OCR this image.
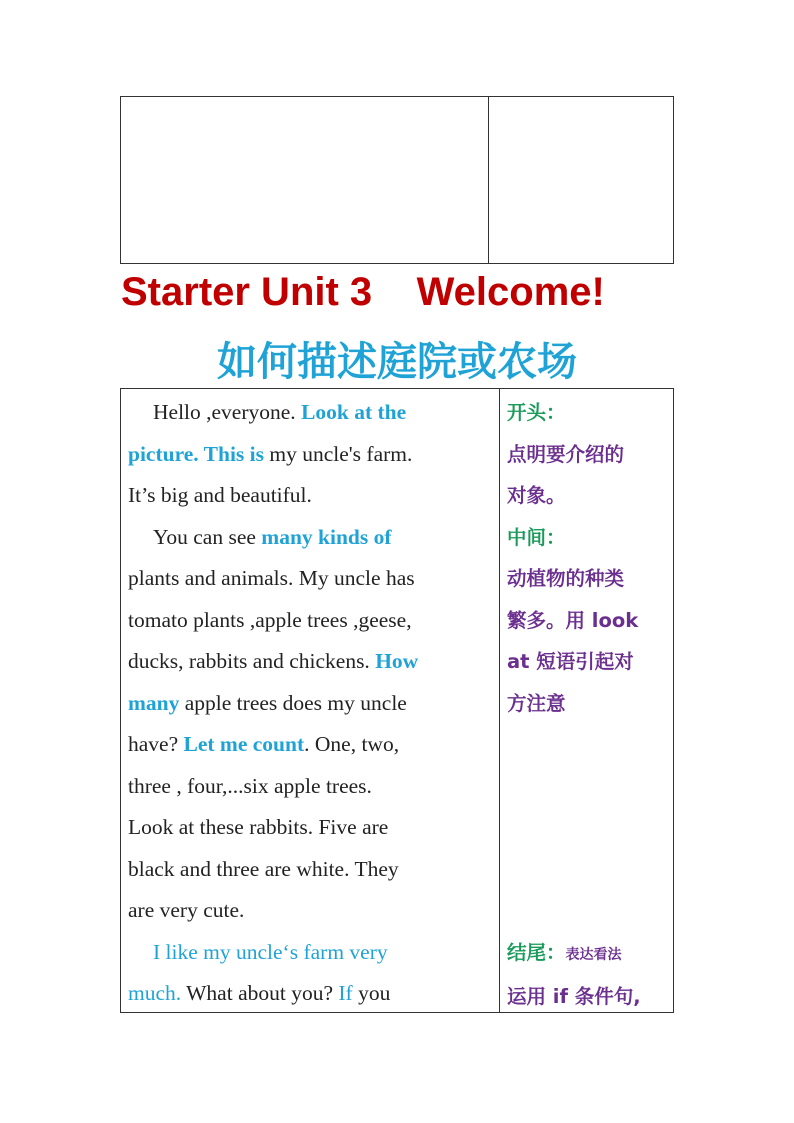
Starter Unit 3    Welcome!
如何描述庭院或农场
Hello ,everyone. Look at the
picture. This is my uncle's farm.
It’s big and beautiful.
You can see many kinds of
plants and animals. My uncle has
tomato plants ,apple trees ,geese,
ducks, rabbits and chickens. How
many apple trees does my uncle
have? Let me count. One, two,
three , four,...six apple trees.
Look at these rabbits. Five are
black and three are white. They
are very cute.
I like my uncle‘s farm very
much. What about you? If you
开头：
点明要介绍的
对象。
中间：
动植物的种类
繁多。用 look
at 短语引起对
方注意

结尾：表达看法
运用 if 条件句,
